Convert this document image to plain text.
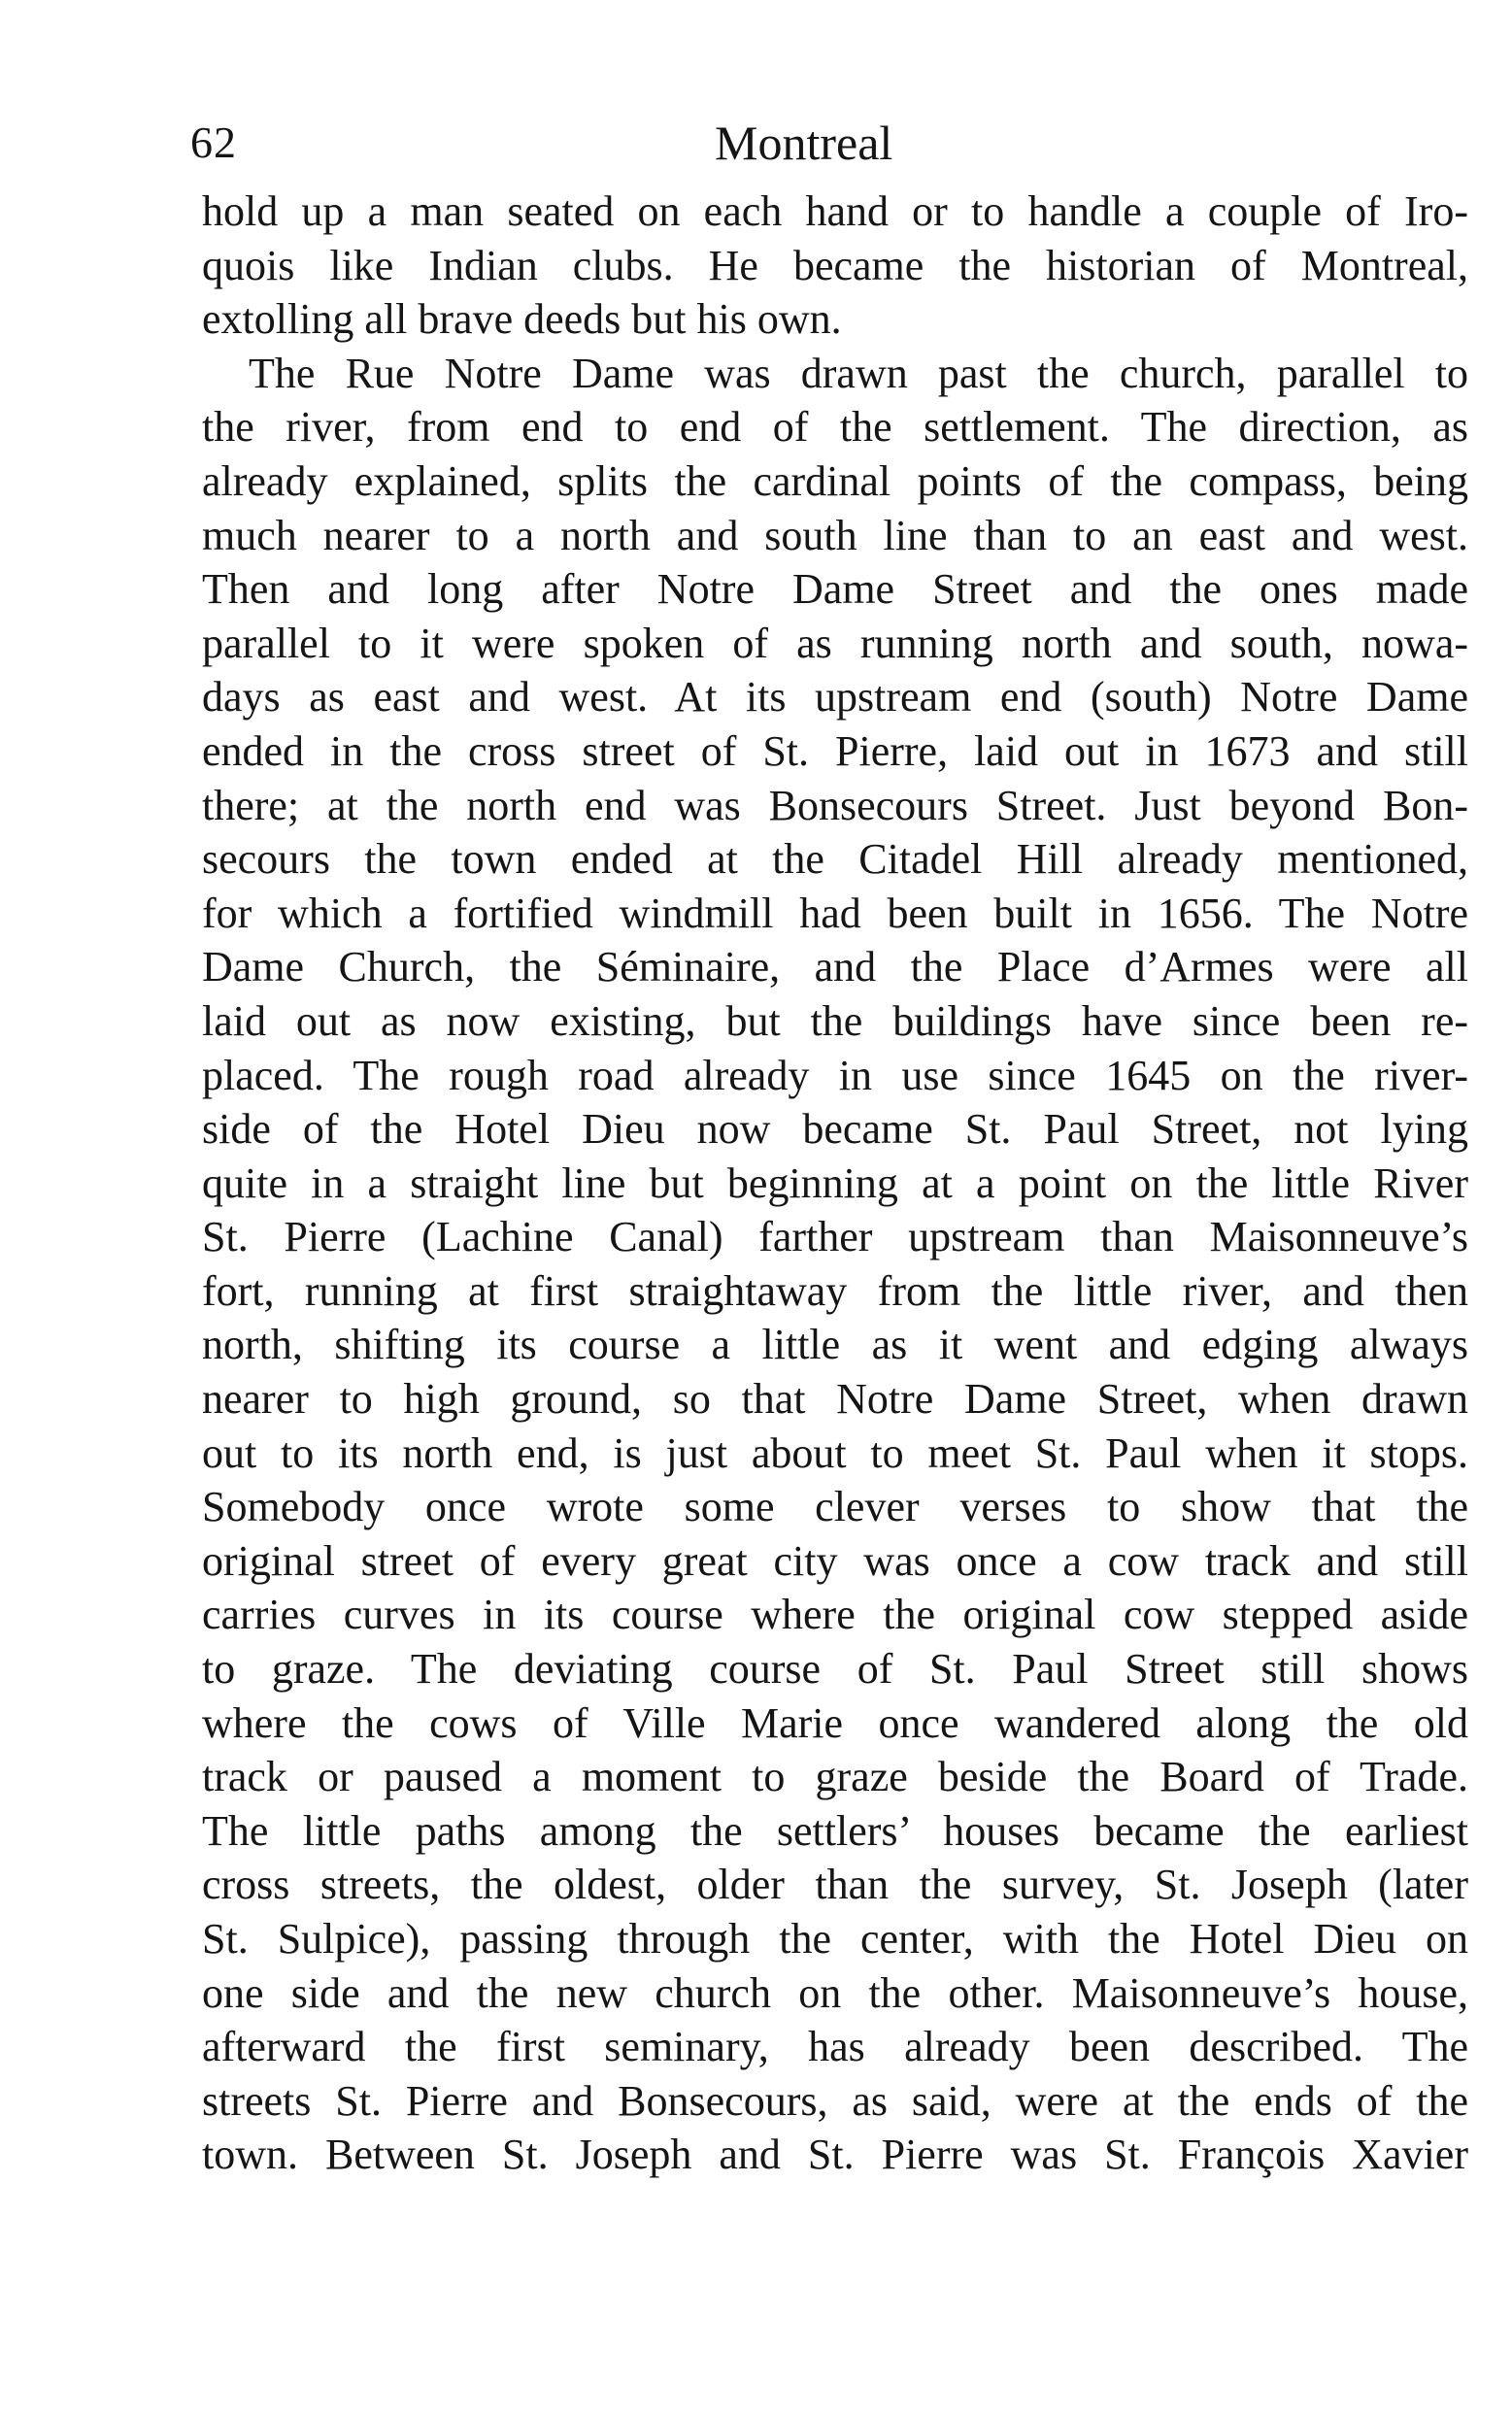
62	Montreal
hold up a man seated on each hand or to handle a couple of Iro-
quois like Indian clubs. He became the historian of Montreal,
extolling all brave deeds but his own.
The Rue Notre Dame was drawn past the church, parallel to
the river, from end to end of the settlement. The direction, as
already explained, splits the cardinal points of the compass, being
much nearer to a north and south line than to an east and west.
Then and long after Notre Dame Street and the ones made
parallel to it were spoken of as running north and south, nowa-
days as east and west. At its upstream end (south) Notre Dame
ended in the cross street of St. Pierre, laid out in 1673 and still
there; at the north end was Bonsecours Street. Just beyond Bon-
secours the town ended at the Citadel Hill already mentioned,
for which a fortified windmill had been built in 1656. The Notre
Dame Church, the Séminaire, and the Place d’Armes were all
laid out as now existing, but the buildings have since been re-
placed. The rough road already in use since 1645 on the river-
side of the Hotel Dieu now became St. Paul Street, not lying
quite in a straight line but beginning at a point on the little River
St. Pierre (Lachine Canal) farther upstream than Maisonneuve’s
fort, running at first straightaway from the little river, and then
north, shifting its course a little as it went and edging always
nearer to high ground, so that Notre Dame Street, when drawn
out to its north end, is just about to meet St. Paul when it stops.
Somebody once wrote some clever verses to show that the
original street of every great city was once a cow track and still
carries curves in its course where the original cow stepped aside
to graze. The deviating course of St. Paul Street still shows
where the cows of Ville Marie once wandered along the old
track or paused a moment to graze beside the Board of Trade.
The little paths among the settlers’ houses became the earliest
cross streets, the oldest, older than the survey, St. Joseph (later
St. Sulpice), passing through the center, with the Hotel Dieu on
one side and the new church on the other. Maisonneuve’s house,
afterward the first seminary, has already been described. The
streets St. Pierre and Bonsecours, as said, were at the ends of the
town. Between St. Joseph and St. Pierre was St. François Xavier
